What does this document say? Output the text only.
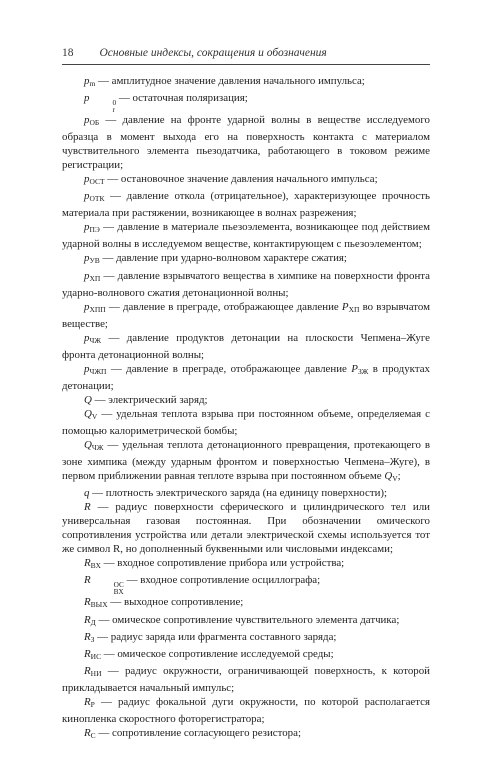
18 Основные индексы, сокращения и обозначения

$p_m$ — амплитудное значение давления начального импульса;

p	0
r
— остаточная поляризация;

$p_{ОБ}$ — давление на фронте ударной волны в веществе исследуемого образца в момент выхода его на поверхность контакта с материалом чувствительного элемента пьезодатчика, работающего в токовом режиме регистрации;

$p_{ОСТ}$ — остановочное значение давления начального импульса;

$p_{ОТК}$ — давление откола (отрицательное), характеризующее прочность материала при растяжении, возникающее в волнах разрежения;

$p_{ПЭ}$ — давление в материале пьезоэлемента, возникающее под действием ударной волны в исследуемом веществе, контактирующем с пьезоэлементом;

$p_{УВ}$ — давление при ударно-волновом характере сжатия;

$p_{ХП}$ — давление взрывчатого вещества в химпике на поверхности фронта ударно-волнового сжатия детонационной волны;

$p_{ХПП}$ — давление в преграде, отображающее давление $P_{ХП}$ во взрывчатом веществе;

$p_{ЧЖ}$ — давление продуктов детонации на плоскости Чепмена–Жуге фронта детонационной волны;

$p_{ЧЖП}$ — давление в преграде, отображающее давление $P_{ЗЖ}$ в продуктах детонации;

Q — электрический заряд;

$Q_V$ — удельная теплота взрыва при постоянном объеме, определяемая с помощью калориметрической бомбы;

$Q_{ЧЖ}$ — удельная теплота детонационного превращения, протекающего в зоне химпика (между ударным фронтом и поверхностью Чепмена–Жуге), в первом приближении равная теплоте взрыва при постоянном объеме $Q_V$;

q — плотность электрического заряда (на единицу поверхности);

R — радиус поверхности сферического и цилиндрического тел или универсальная газовая постоянная. При обозначении омического сопротивления устройства или детали электрической схемы используется тот же символ R, но дополненный буквенными или числовыми индексами;

$R_{ВХ}$ — входное сопротивление прибора или устройства;

R	ОС
ВХ
— входное сопротивление осциллографа;

$R_{ВЫХ}$ — выходное сопротивление;

$R_Д$ — омическое сопротивление чувствительного элемента датчика;

$R_З$ — радиус заряда или фрагмента составного заряда;

$R_{ИС}$ — омическое сопротивление исследуемой среды;

$R_{НИ}$ — радиус окружности, ограничивающей поверхность, к которой прикладывается начальный импульс;

$R_Р$ — радиус фокальной дуги окружности, по которой располагается кинопленка скоростного фоторегистратора;

$R_С$ — сопротивление согласующего резистора;
